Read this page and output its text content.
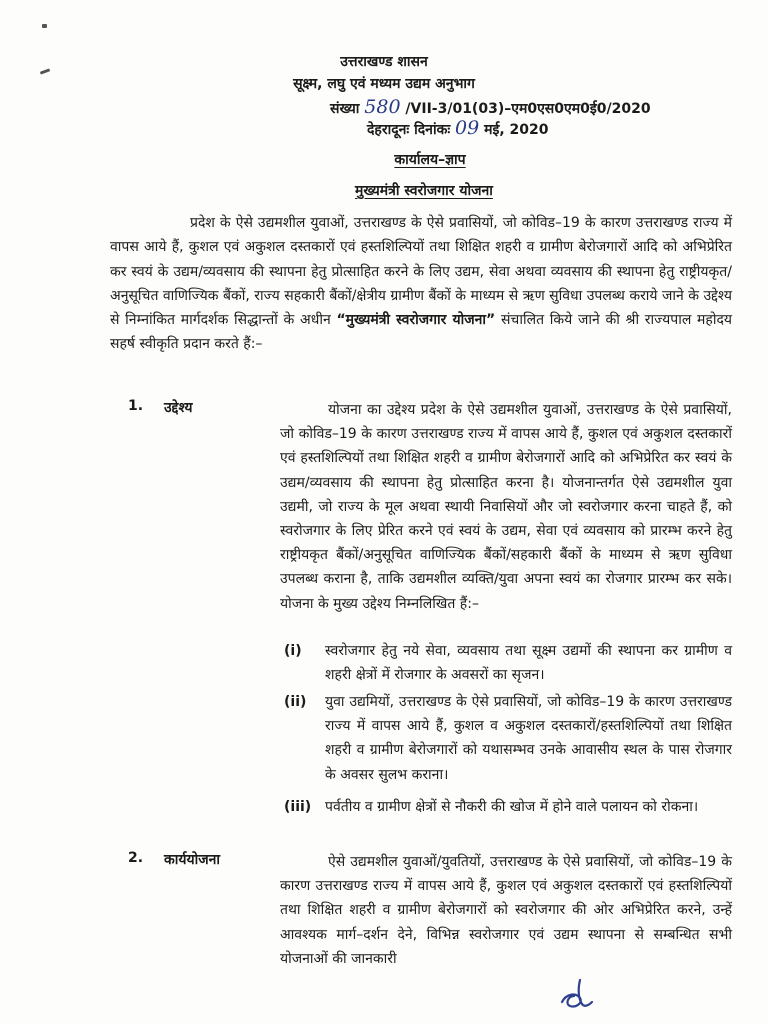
उत्तराखण्ड शासन
सूक्ष्म, लघु एवं मध्यम उद्यम अनुभाग
संख्या 580 /VII-3/01(03)–एम0एस0एम0ई0/2020
देहरादूनः दिनांकः 09 मई, 2020
कार्यालय–ज्ञाप
मुख्यमंत्री स्वरोजगार योजना
प्रदेश के ऐसे उद्यमशील युवाओं, उत्तराखण्ड के ऐसे प्रवासियों, जो कोविड–19 के कारण उत्तराखण्ड राज्य में वापस आये हैं, कुशल एवं अकुशल दस्तकारों एवं हस्तशिल्पियों तथा शिक्षित शहरी व ग्रामीण बेरोजगारों आदि को अभिप्रेरित कर स्वयं के उद्यम/व्यवसाय की स्थापना हेतु प्रोत्साहित करने के लिए उद्यम, सेवा अथवा व्यवसाय की स्थापना हेतु राष्ट्रीयकृत/अनुसूचित वाणिज्यिक बैंकों, राज्य सहकारी बैंकों/क्षेत्रीय ग्रामीण बैंकों के माध्यम से ऋण सुविधा उपलब्ध कराये जाने के उद्देश्य से निम्नांकित मार्गदर्शक सिद्धान्तों के अधीन “मुख्यमंत्री स्वरोजगार योजना” संचालित किये जाने की श्री राज्यपाल महोदय सहर्ष स्वीकृति प्रदान करते हैं:–
1. उद्देश्य	योजना का उद्देश्य प्रदेश के ऐसे उद्यमशील युवाओं, उत्तराखण्ड के ऐसे प्रवासियों, जो कोविड–19 के कारण उत्तराखण्ड राज्य में वापस आये हैं, कुशल एवं अकुशल दस्तकारों एवं हस्तशिल्पियों तथा शिक्षित शहरी व ग्रामीण बेरोजगारों आदि को अभिप्रेरित कर स्वयं के उद्यम/व्यवसाय की स्थापना हेतु प्रोत्साहित करना है। योजनान्तर्गत ऐसे उद्यमशील युवा उद्यमी, जो राज्य के मूल अथवा स्थायी निवासियों और जो स्वरोजगार करना चाहते हैं, को स्वरोजगार के लिए प्रेरित करने एवं स्वयं के उद्यम, सेवा एवं व्यवसाय को प्रारम्भ करने हेतु राष्ट्रीयकृत बैंकों/अनुसूचित वाणिज्यिक बैंकों/सहकारी बैंकों के माध्यम से ऋण सुविधा उपलब्ध कराना है, ताकि उद्यमशील व्यक्ति/युवा अपना स्वयं का रोजगार प्रारम्भ कर सके। योजना के मुख्य उद्देश्य निम्नलिखित हैं:–
(i) स्वरोजगार हेतु नये सेवा, व्यवसाय तथा सूक्ष्म उद्यमों की स्थापना कर ग्रामीण व शहरी क्षेत्रों में रोजगार के अवसरों का सृजन।
(ii) युवा उद्यमियों, उत्तराखण्ड के ऐसे प्रवासियों, जो कोविड–19 के कारण उत्तराखण्ड राज्य में वापस आये हैं, कुशल व अकुशल दस्तकारों/हस्तशिल्पियों तथा शिक्षित शहरी व ग्रामीण बेरोजगारों को यथासम्भव उनके आवासीय स्थल के पास रोजगार के अवसर सुलभ कराना।
(iii) पर्वतीय व ग्रामीण क्षेत्रों से नौकरी की खोज में होने वाले पलायन को रोकना।
2. कार्ययोजना	ऐसे उद्यमशील युवाओं/युवतियों, उत्तराखण्ड के ऐसे प्रवासियों, जो कोविड–19 के कारण उत्तराखण्ड राज्य में वापस आये हैं, कुशल एवं अकुशल दस्तकारों एवं हस्तशिल्पियों तथा शिक्षित शहरी व ग्रामीण बेरोजगारों को स्वरोजगार की ओर अभिप्रेरित करने, उन्हें आवश्यक मार्ग–दर्शन देने, विभिन्न स्वरोजगार एवं उद्यम स्थापना से सम्बन्धित सभी योजनाओं की जानकारी
